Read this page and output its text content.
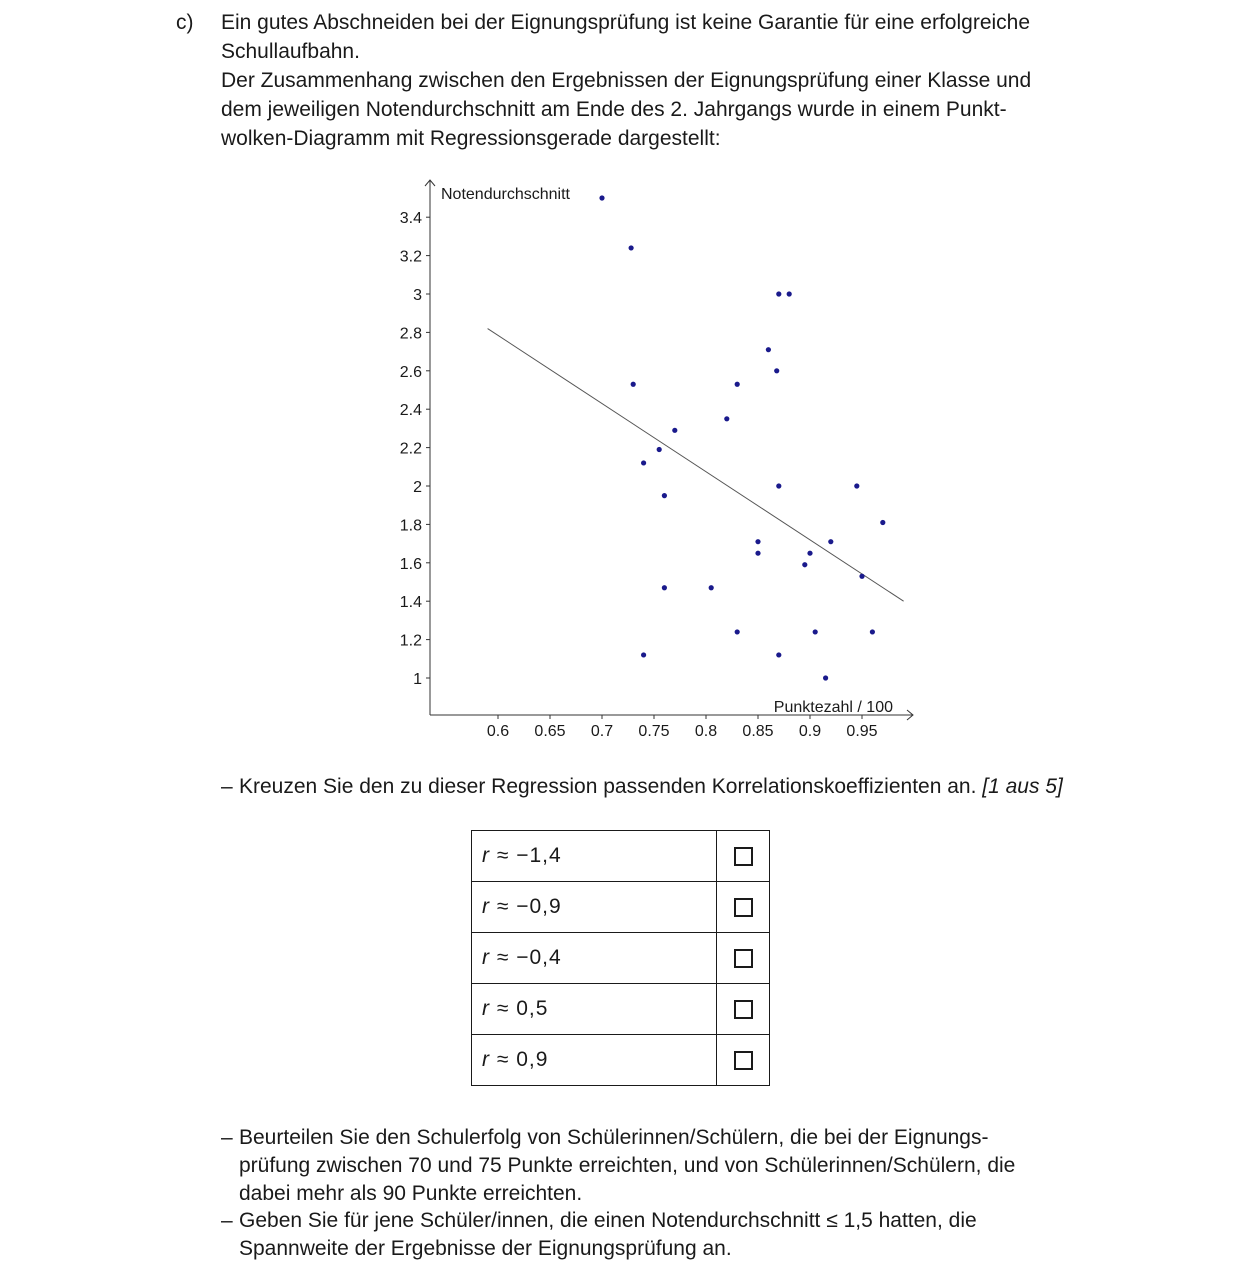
c) Ein gutes Abschneiden bei der Eignungsprüfung ist keine Garantie für eine erfolgreiche

Schullaufbahn.

Der Zusammenhang zwischen den Ergebnissen der Eignungsprüfung einer Klasse und

dem jeweiligen Notendurchschnitt am Ende des 2. Jahrgangs wurde in einem Punkt-

wolken-Diagramm mit Regressionsgerade dargestellt:

Notendurchschnitt
Punktezahl / 100
0.6 0.65 0.7 0.75 0.8 0.85 0.9 0.95
1
1.2
1.4
1.6
1.8
2
2.2
2.4
2.6
2.8
3
3.2
3.4
– Kreuzen Sie den zu dieser Regression passenden Korrelationskoeffizienten an. [1 aus 5]
r ≈ −1,4	
r ≈ −0,9	
r ≈ −0,4	
r ≈ 0,5	
r ≈ 0,9	
– Beurteilen Sie den Schulerfolg von Schülerinnen/Schülern, die bei der Eignungs-
prüfung zwischen 70 und 75 Punkte erreichten, und von Schülerinnen/Schülern, die
dabei mehr als 90 Punkte erreichten.
– Geben Sie für jene Schüler/innen, die einen Notendurchschnitt ≤ 1,5 hatten, die
Spannweite der Ergebnisse der Eignungsprüfung an.
